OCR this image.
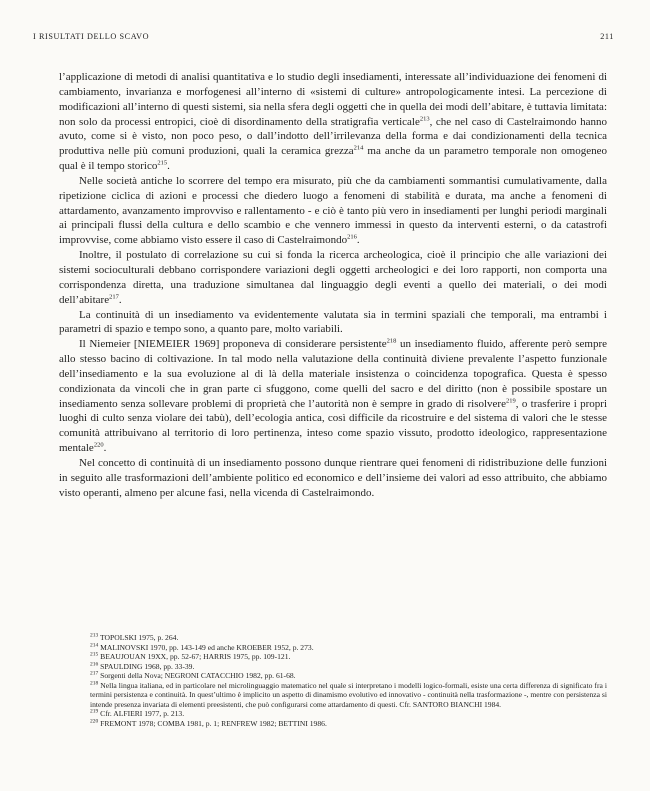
I RISULTATI DELLO SCAVO	211

l’applicazione di metodi di analisi quantitativa e lo studio degli insediamenti, interessate all’individuazione dei fenomeni di cambiamento, invarianza e morfogenesi all’interno di «sistemi di culture» antropologicamente intesi. La percezione di modificazioni all’interno di questi sistemi, sia nella sfera degli oggetti che in quella dei modi dell’abitare, è tuttavia limitata: non solo da processi entropici, cioè di disordinamento della stratigrafia verticale$^{213}$, che nel caso di Castelraimondo hanno avuto, come si è visto, non poco peso, o dall’indotto dell’irrilevanza della forma e dai condizionamenti della tecnica produttiva nelle più comuni produzioni, quali la ceramica grezza$^{214}$ ma anche da un parametro temporale non omogeneo qual è il tempo storico$^{215}$.

Nelle società antiche lo scorrere del tempo era misurato, più che da cambiamenti sommantisi cumulativamente, dalla ripetizione ciclica di azioni e processi che diedero luogo a fenomeni di stabilità e durata, ma anche a fenomeni di attardamento, avanzamento improvviso e rallentamento - e ciò è tanto più vero in insediamenti per lunghi periodi marginali ai principali flussi della cultura e dello scambio e che vennero immessi in questo da interventi esterni, o da catastrofi improvvise, come abbiamo visto essere il caso di Castelraimondo$^{216}$.

Inoltre, il postulato di correlazione su cui si fonda la ricerca archeologica, cioè il principio che alle variazioni dei sistemi socioculturali debbano corrispondere variazioni degli oggetti archeologici e dei loro rapporti, non comporta una corrispondenza diretta, una traduzione simultanea dal linguaggio degli eventi a quello dei materiali, o dei modi dell’abitare$^{217}$.

La continuità di un insediamento va evidentemente valutata sia in termini spaziali che temporali, ma entrambi i parametri di spazio e tempo sono, a quanto pare, molto variabili.

Il Niemeier [NIEMEIER 1969] proponeva di considerare persistente$^{218}$ un insediamento fluido, afferente però sempre allo stesso bacino di coltivazione. In tal modo nella valutazione della continuità diviene prevalente l’aspetto funzionale dell’insediamento e la sua evoluzione al di là della materiale insistenza o coincidenza topografica. Questa è spesso condizionata da vincoli che in gran parte ci sfuggono, come quelli del sacro e del diritto (non è possibile spostare un insediamento senza sollevare problemi di proprietà che l’autorità non è sempre in grado di risolvere$^{219}$, o trasferire i propri luoghi di culto senza violare dei tabù), dell’ecologia antica, così difficile da ricostruire e del sistema di valori che le stesse comunità attribuivano al territorio di loro pertinenza, inteso come spazio vissuto, prodotto ideologico, rappresentazione mentale$^{220}$.

Nel concetto di continuità di un insediamento possono dunque rientrare quei fenomeni di ridistribuzione delle funzioni in seguito alle trasformazioni dell’ambiente politico ed economico e dell’insieme dei valori ad esso attribuito, che abbiamo visto operanti, almeno per alcune fasi, nella vicenda di Castelraimondo.

$^{213}$ TOPOLSKI 1975, p. 264.

$^{214}$ MALINOVSKI 1970, pp. 143-149 ed anche KROEBER 1952, p. 273.

$^{215}$ BEAUJOUAN 19XX, pp. 52-67; HARRIS 1975, pp. 109-121.

$^{216}$ SPAULDING 1968, pp. 33-39.

$^{217}$ Sorgenti della Nova; NEGRONI CATACCHIO 1982, pp. 61-68.

$^{218}$ Nella lingua italiana, ed in particolare nel microlinguaggio matematico nel quale si interpretano i modelli logico-formali, esiste una certa differenza di significato fra i termini persistenza e continuità. In quest’ultimo è implicito un aspetto di dinamismo evolutivo ed innovativo - continuità nella trasformazione -, mentre con persistenza si intende presenza invariata di elementi preesistenti, che può configurarsi come attardamento di questi. Cfr. SANTORO BIANCHI 1984.

$^{219}$ Cfr. ALFIERI 1977, p. 213.

$^{220}$ FREMONT 1978; COMBA 1981, p. 1; RENFREW 1982; BETTINI 1986.
